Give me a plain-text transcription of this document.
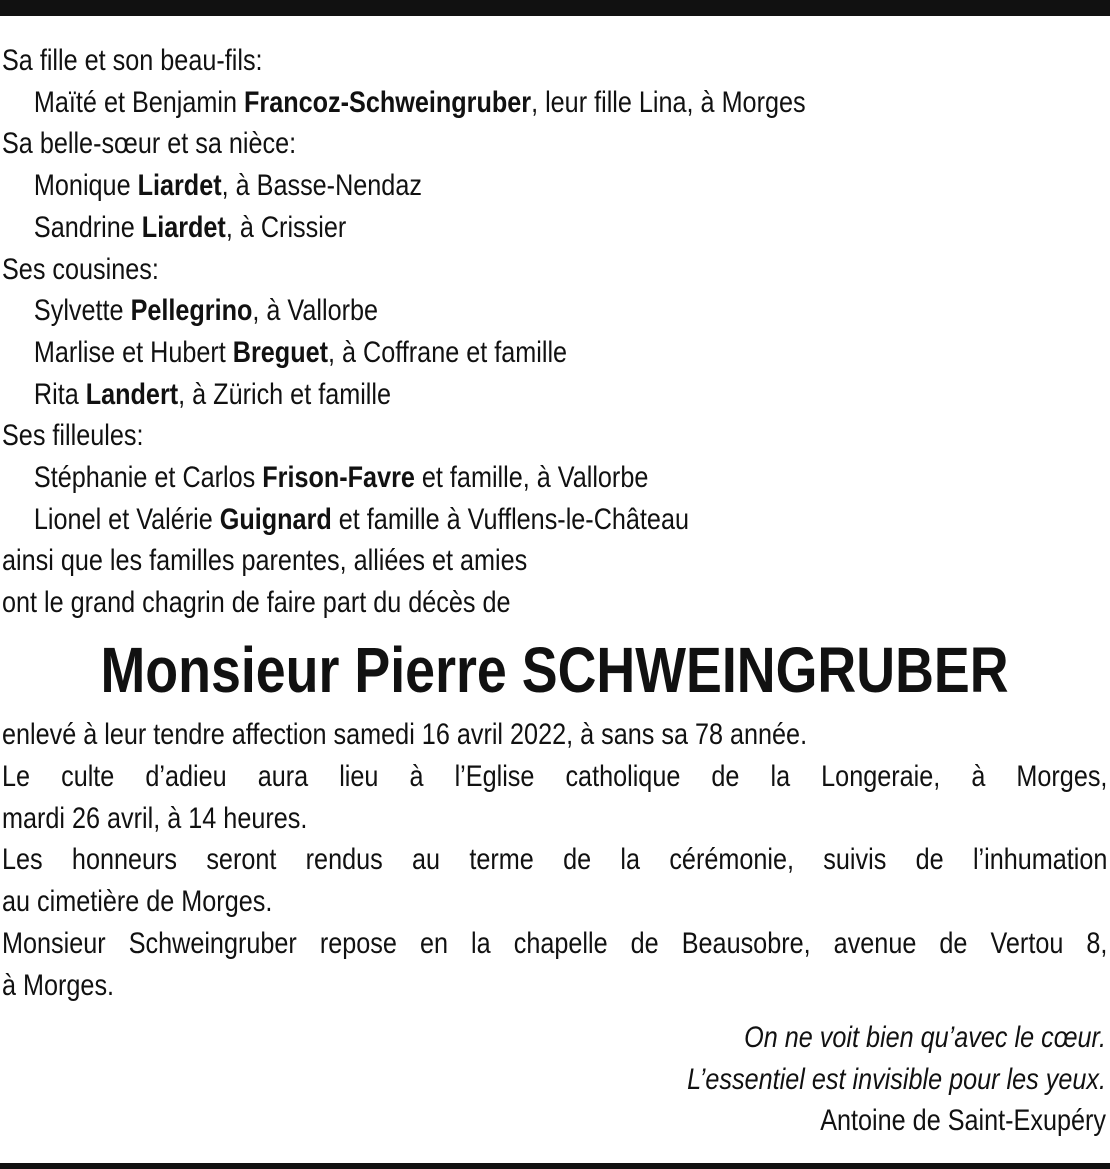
Sa fille et son beau-fils:
Maïté et Benjamin Francoz-Schweingruber, leur fille Lina, à Morges
Sa belle-sœur et sa nièce:
Monique Liardet, à Basse-Nendaz
Sandrine Liardet, à Crissier
Ses cousines:
Sylvette Pellegrino, à Vallorbe
Marlise et Hubert Breguet, à Coffrane et famille
Rita Landert, à Zürich et famille
Ses filleules:
Stéphanie et Carlos Frison-Favre et famille, à Vallorbe
Lionel et Valérie Guignard et famille à Vufflens-le-Château
ainsi que les familles parentes, alliées et amies
ont le grand chagrin de faire part du décès de
Monsieur Pierre SCHWEINGRUBER
enlevé à leur tendre affection samedi 16 avril 2022, à sans sa 78 année.
Le culte d’adieu aura lieu à l’Eglise catholique de la Longeraie, à Morges,
mardi 26 avril, à 14 heures.
Les honneurs seront rendus au terme de la cérémonie, suivis de l’inhumation
au cimetière de Morges.
Monsieur Schweingruber repose en la chapelle de Beausobre, avenue de Vertou 8,
à Morges.
On ne voit bien qu’avec le cœur.
L’essentiel est invisible pour les yeux.
Antoine de Saint-Exupéry
